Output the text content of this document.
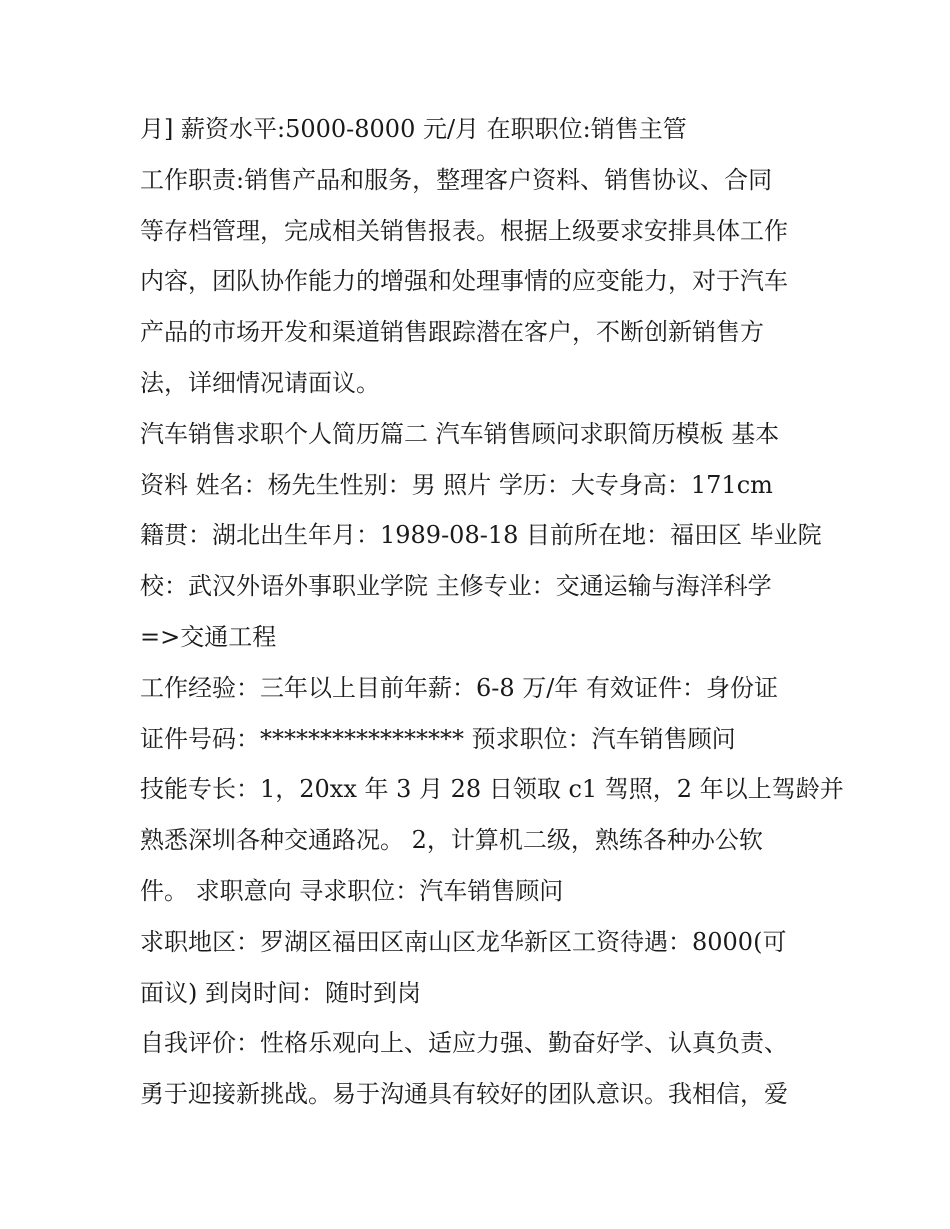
月] 薪资水平:5000-8000 元/月 在职职位:销售主管
工作职责:销售产品和服务，整理客户资料、销售协议、合同
等存档管理，完成相关销售报表。根据上级要求安排具体工作
内容，团队协作能力的增强和处理事情的应变能力，对于汽车
产品的市场开发和渠道销售跟踪潜在客户，不断创新销售方
法，详细情况请面议。
汽车销售求职个人简历篇二 汽车销售顾问求职简历模板 基本
资料 姓名：杨先生性别：男 照片 学历：大专身高：171cm
籍贯：湖北出生年月：1989-08-18 目前所在地：福田区 毕业院
校：武汉外语外事职业学院 主修专业：交通运输与海洋科学
=>交通工程
工作经验：三年以上目前年薪：6-8 万/年 有效证件：身份证
证件号码：***************** 预求职位：汽车销售顾问
技能专长：1，20xx 年 3 月 28 日领取 c1 驾照，2 年以上驾龄并
熟悉深圳各种交通路况。 2，计算机二级，熟练各种办公软
件。 求职意向 寻求职位：汽车销售顾问
求职地区：罗湖区福田区南山区龙华新区工资待遇：8000(可
面议) 到岗时间：随时到岗
自我评价：性格乐观向上、适应力强、勤奋好学、认真负责、
勇于迎接新挑战。易于沟通具有较好的团队意识。我相信，爱
